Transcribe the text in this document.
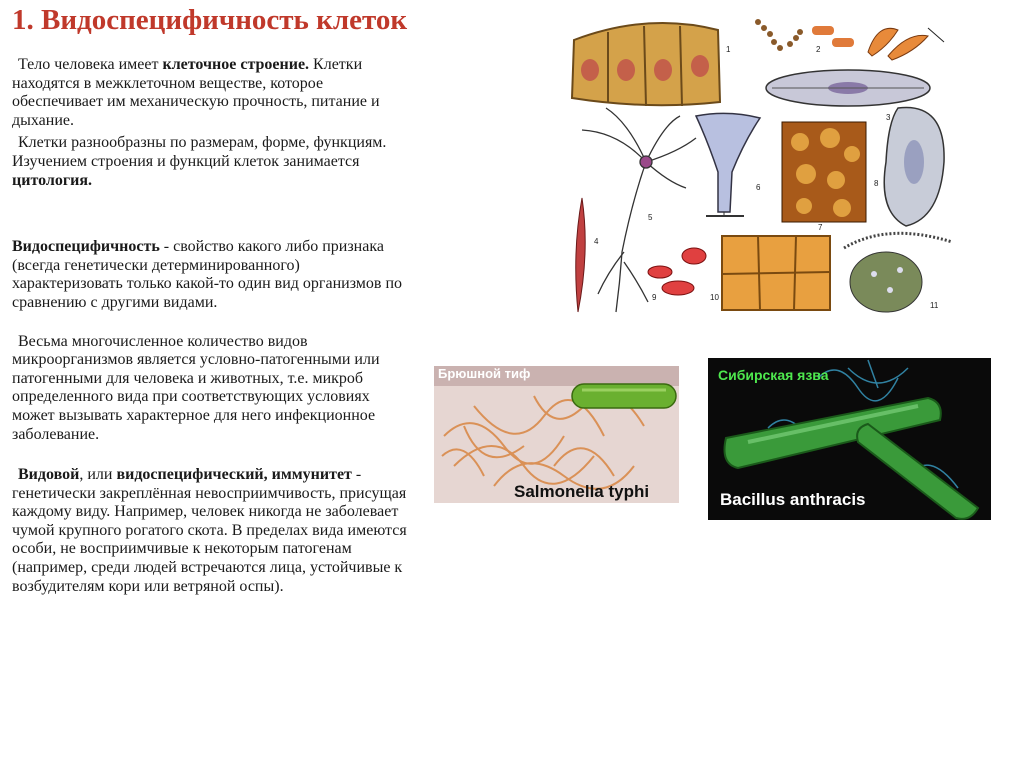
1. Видоспецифичность клеток

Тело человека имеет клеточное строение. Клетки находятся в межклеточном веществе, которое обеспечивает им механическую прочность, питание и дыхание.

Клетки разнообразны по размерам, форме, функциям. Изучением строения и функций клеток занимается цитология.

Видоспецифичность - свойство какого либо признака (всегда генетически детерминированного) характеризовать только какой-то один вид организмов по сравнению с другими видами.

Весьма многочисленное количество видов микроорганизмов является условно-патогенными или патогенными для человека и животных, т.е. микроб определенного вида при соответствующих условиях может вызывать характерное для него инфекционное заболевание.

Видовой, или видоспецифический, иммунитет - генетически закреплённая невосприимчивость, присущая каждому виду. Например, человек никогда не заболевает чумой крупного рогатого скота. В пределах вида имеются особи, не восприимчивые к некоторым патогенам (например, среди людей встречаются лица, устойчивые к возбудителям кори или ветряной оспы).

1	2
3
4
5
6
7
8
9	10
11
Брюшной тиф
Salmonella typhi
Сибирская язва
Bacillus anthracis
